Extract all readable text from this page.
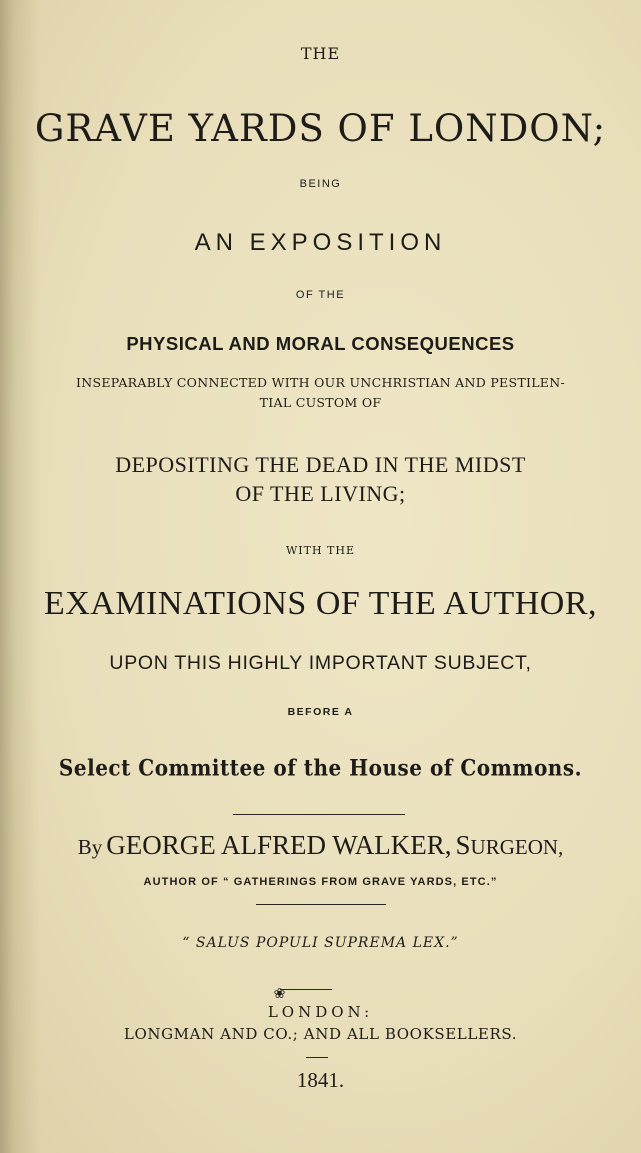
THE
GRAVE YARDS OF LONDON;
BEING
AN EXPOSITION
OF THE
PHYSICAL AND MORAL CONSEQUENCES
INSEPARABLY CONNECTED WITH OUR UNCHRISTIAN AND PESTILEN-
TIAL CUSTOM OF
DEPOSITING THE DEAD IN THE MIDST
OF THE LIVING;
WITH THE
EXAMINATIONS OF THE AUTHOR,
UPON THIS HIGHLY IMPORTANT SUBJECT,
BEFORE A
Select Committee of the House of Commons.
By GEORGE ALFRED WALKER, SURGEON,
AUTHOR OF “ GATHERINGS FROM GRAVE YARDS, ETC.”
“ SALUS POPULI SUPREMA LEX.”
❀
LONDON:
LONGMAN AND CO.; AND ALL BOOKSELLERS.
1841.
